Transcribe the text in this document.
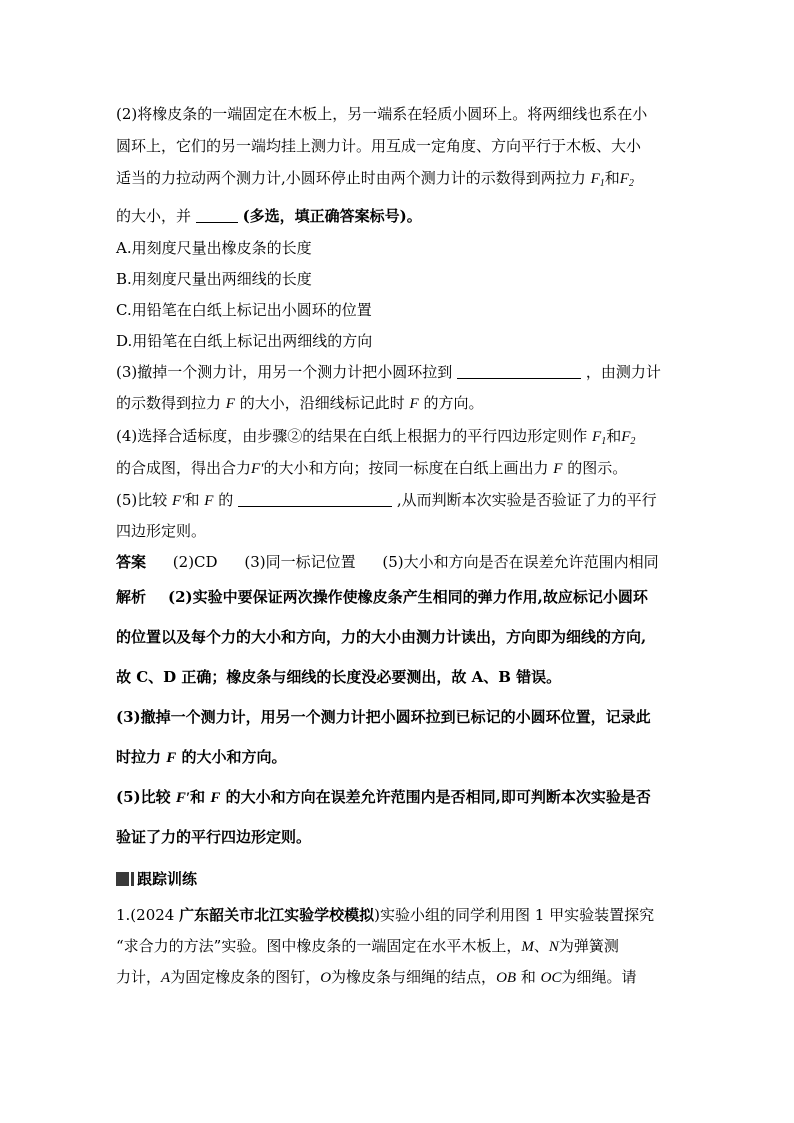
(2)将橡皮条的一端固定在木板上，另一端系在轻质小圆环上。将两细线也系在小
圆环上，它们的另一端均挂上测力计。用互成一定角度、方向平行于木板、大小
适当的力拉动两个测力计,小圆环停止时由两个测力计的示数得到两拉力 $F_1$和$F_2$
的大小，并	(多选，填正确答案标号)。
A.用刻度尺量出橡皮条的长度
B.用刻度尺量出两细线的长度
C.用铅笔在白纸上标记出小圆环的位置
D.用铅笔在白纸上标记出两细线的方向
(3)撤掉一个测力计，用另一个测力计把小圆环拉到	，由测力计
的示数得到拉力 F 的大小，沿细线标记此时 F 的方向。
(4)选择合适标度，由步骤②的结果在白纸上根据力的平行四边形定则作 $F_1$和$F_2$
的合成图，得出合力F′的大小和方向；按同一标度在白纸上画出力 F 的图示。
(5)比较 F′和 F 的	,从而判断本次实验是否验证了力的平行
四边形定则。
答案 (2)CD (3)同一标记位置 (5)大小和方向是否在误差允许范围内相同
解析 (2)实验中要保证两次操作使橡皮条产生相同的弹力作用,故应标记小圆环
的位置以及每个力的大小和方向，力的大小由测力计读出，方向即为细线的方向,
故 C、D 正确；橡皮条与细线的长度没必要测出，故 A、B 错误。
(3)撤掉一个测力计，用另一个测力计把小圆环拉到已标记的小圆环位置，记录此
时拉力 F 的大小和方向。
(5)比较 F′和 F 的大小和方向在误差允许范围内是否相同,即可判断本次实验是否
验证了力的平行四边形定则。
跟踪训练
1.(2024 广东韶关市北江实验学校模拟)实验小组的同学利用图 1 甲实验装置探究
“求合力的方法”实验。图中橡皮条的一端固定在水平木板上，M、N为弹簧测
力计，A为固定橡皮条的图钉，O为橡皮条与细绳的结点，OB 和 OC为细绳。请
